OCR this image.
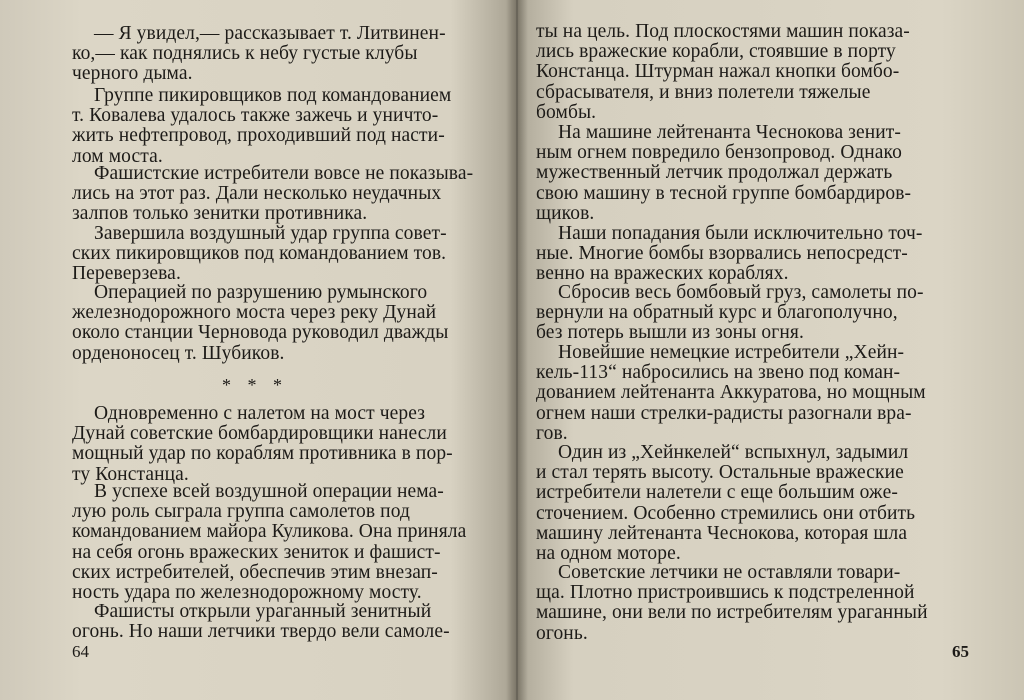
— Я увидел,— рассказывает т. Литвинен-
ко,— как поднялись к небу густые клубы
черного дыма.

Группе пикировщиков под командованием
т. Ковалева удалось также зажечь и уничто-
жить нефтепровод, проходивший под насти-
лом моста.

Фашистские истребители вовсе не показыва-
лись на этот раз. Дали несколько неудачных
залпов только зенитки противника.

Завершила воздушный удар группа совет-
ских пикировщиков под командованием тов.
Переверзева.

Операцией по разрушению румынского
железнодорожного моста через реку Дунай
около станции Черновода руководил дважды
орденоносец т. Шубиков.

* * *

Одновременно с налетом на мост через
Дунай советские бомбардировщики нанесли
мощный удар по кораблям противника в пор-
ту Констанца.

В успехе всей воздушной операции нема-
лую роль сыграла группа самолетов под
командованием майора Куликова. Она приняла
на себя огонь вражеских зениток и фашист-
ских истребителей, обеспечив этим внезап-
ность удара по железнодорожному мосту.

Фашисты открыли ураганный зенитный
огонь. Но наши летчики твердо вели самоле-

64

ты на цель. Под плоскостями машин показа-
лись вражеские корабли, стоявшие в порту
Констанца. Штурман нажал кнопки бомбо-
сбрасывателя, и вниз полетели тяжелые
бомбы.

На машине лейтенанта Чеснокова зенит-
ным огнем повредило бензопровод. Однако
мужественный летчик продолжал держать
свою машину в тесной группе бомбардиров-
щиков.

Наши попадания были исключительно точ-
ные. Многие бомбы взорвались непосредст-
венно на вражеских кораблях.

Сбросив весь бомбовый груз, самолеты по-
вернули на обратный курс и благополучно,
без потерь вышли из зоны огня.

Новейшие немецкие истребители „Хейн-
кель-113“ набросились на звено под коман-
дованием лейтенанта Аккуратова, но мощным
огнем наши стрелки-радисты разогнали вра-
гов.

Один из „Хейнкелей“ вспыхнул, задымил
и стал терять высоту. Остальные вражеские
истребители налетели с еще большим ожe-
сточением. Особенно стремились они отбить
машину лейтенанта Чеснокова, которая шла
на одном моторе.

Советские летчики не оставляли товари-
ща. Плотно пристроившись к подстреленной
машине, они вели по истребителям ураганный
огонь.

65
